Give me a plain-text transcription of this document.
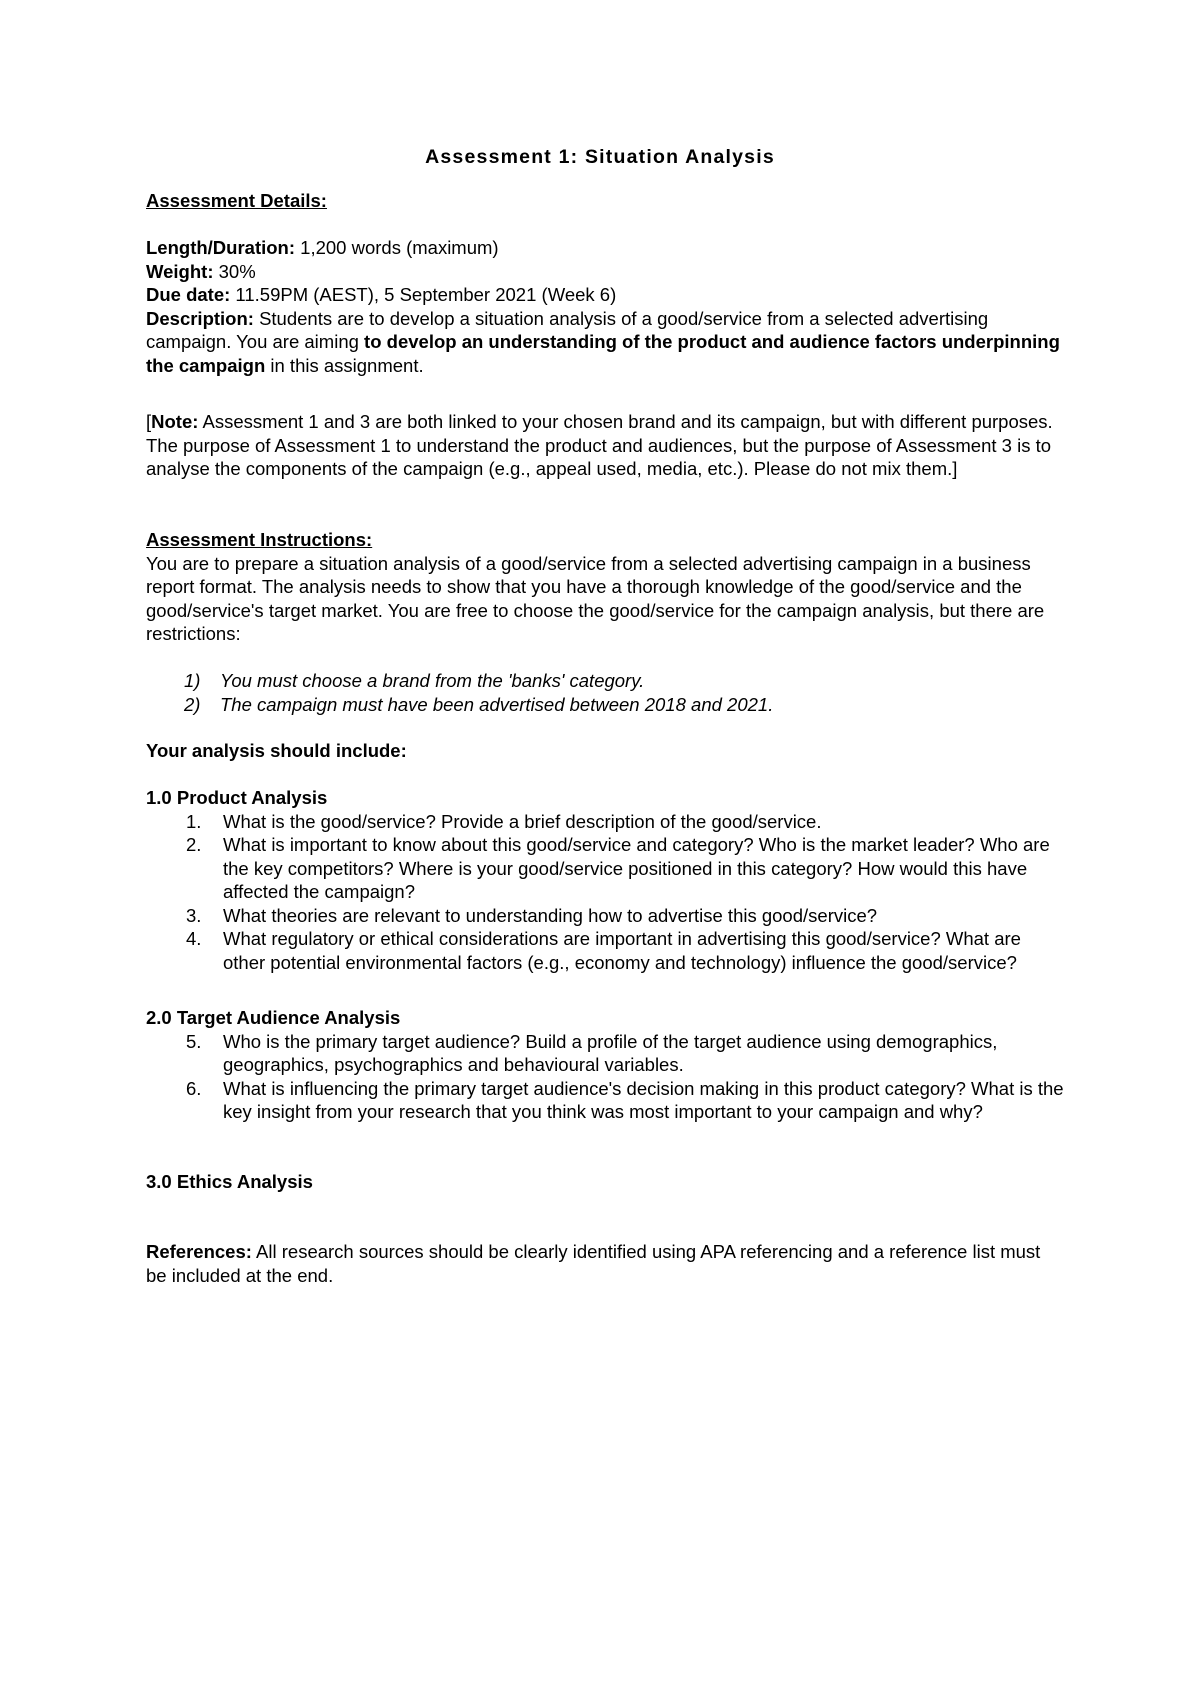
Assessment 1: Situation Analysis

Assessment Details:

Length/Duration: 1,200 words (maximum)

Weight: 30%

Due date: 11.59PM (AEST), 5 September 2021 (Week 6)

Description: Students are to develop a situation analysis of a good/service from a selected advertising campaign. You are aiming to develop an understanding of the product and audience factors underpinning the campaign in this assignment.

[Note: Assessment 1 and 3 are both linked to your chosen brand and its campaign, but with different purposes. The purpose of Assessment 1 to understand the product and audiences, but the purpose of Assessment 3 is to analyse the components of the campaign (e.g., appeal used, media, etc.). Please do not mix them.]

Assessment Instructions:

You are to prepare a situation analysis of a good/service from a selected advertising campaign in a business report format. The analysis needs to show that you have a thorough knowledge of the good/service and the good/service's target market. You are free to choose the good/service for the campaign analysis, but there are restrictions:

1)	You must choose a brand from the 'banks' category.
2)	The campaign must have been advertised between 2018 and 2021.

Your analysis should include:

1.0 Product Analysis

1.	What is the good/service? Provide a brief description of the good/service.
2.	What is important to know about this good/service and category? Who is the market leader? Who are the key competitors? Where is your good/service positioned in this category? How would this have affected the campaign?
3.	What theories are relevant to understanding how to advertise this good/service?
4.	What regulatory or ethical considerations are important in advertising this good/service? What are other potential environmental factors (e.g., economy and technology) influence the good/service?

2.0 Target Audience Analysis

5.	Who is the primary target audience? Build a profile of the target audience using demographics, geographics, psychographics and behavioural variables.
6.	What is influencing the primary target audience's decision making in this product category? What is the key insight from your research that you think was most important to your campaign and why?

3.0 Ethics Analysis

References: All research sources should be clearly identified using APA referencing and a reference list must be included at the end.
